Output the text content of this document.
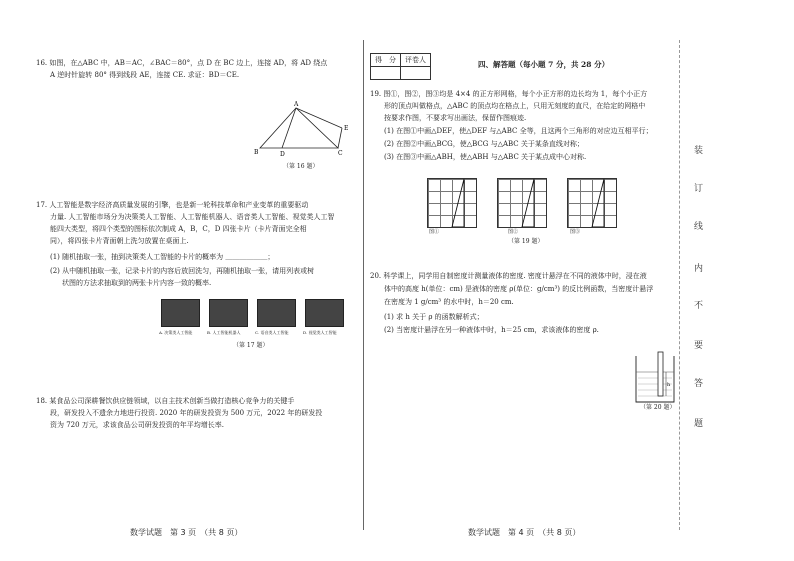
16. 如图，在△ABC 中，AB＝AC，∠BAC＝80°，点 D 在 BC 边上，连接 AD，将 AD 绕点

A 逆时针旋转 80° 得到线段 AE，连接 CE. 求证：BD＝CE.

A
B	D	C
E

（第 16 题）

17. 人工智能是数字经济高质量发展的引擎，也是新一轮科技革命和产业变革的重要驱动

力量. 人工智能市场分为决策类人工智能、人工智能机器人、语音类人工智能、视觉类人工智

能四大类型，将四个类型的图标依次制成 A，B，C，D 四张卡片（卡片背面完全相

同），将四张卡片背面朝上洗匀放置在桌面上.

(1) 随机抽取一张，抽到决策类人工智能的卡片的概率为 ＿＿＿＿＿＿；

(2) 从中随机抽取一张，记录卡片的内容后放回洗匀，再随机抽取一张，请用列表或树

状图的方法求抽取到的两张卡片内容一致的概率.

A. 决策类人工智能	B. 人工智能机器人	C. 语音类人工智能	D. 视觉类人工智能

（第 17 题）

18. 某食品公司深耕餐饮供应链领域，以自主技术创新当做打造核心竞争力的关键手

段，研发投入不遗余力地进行投资. 2020 年的研发投资为 500 万元，2022 年的研发投

资为 720 万元，求该食品公司研发投资的年平均增长率.

数学试题　第 3 页　（共 8 页）
得　分	评卷人

四、解答题（每小题 7 分，共 28 分）

19. 图①，图②，图③均是 4×4 的正方形网格，每个小正方形的边长均为 1，每个小正方

形的顶点叫做格点，△ABC 的顶点均在格点上，只用无刻度的直尺，在给定的网格中

按要求作图，不要求写出画法，保留作图痕迹.

(1) 在图①中画△DEF，使△DEF 与△ABC 全等，且这两个三角形的对应边互相平行；

(2) 在图②中画△BCG，使△BCG 与△ABC 关于某条直线对称；

(3) 在图③中画△ABH，使△ABH 与△ABC 关于某点成中心对称.

图①	图②	图③

（第 19 题）

20. 科学课上，同学用自制密度计测量液体的密度. 密度计悬浮在不同的液体中时，浸在液

体中的高度 h(单位：cm) 是液体的密度 ρ(单位：g/cm³) 的反比例函数，当密度计悬浮

在密度为 1 g/cm³ 的水中时，h＝20 cm.

(1) 求 h 关于 ρ 的函数解析式；

(2) 当密度计悬浮在另一种液体中时，h＝25 cm，求该液体的密度 ρ.

h

（第 20 题）

数学试题　第 4 页　（共 8 页）
装
订
线
内
不
要
答
题
